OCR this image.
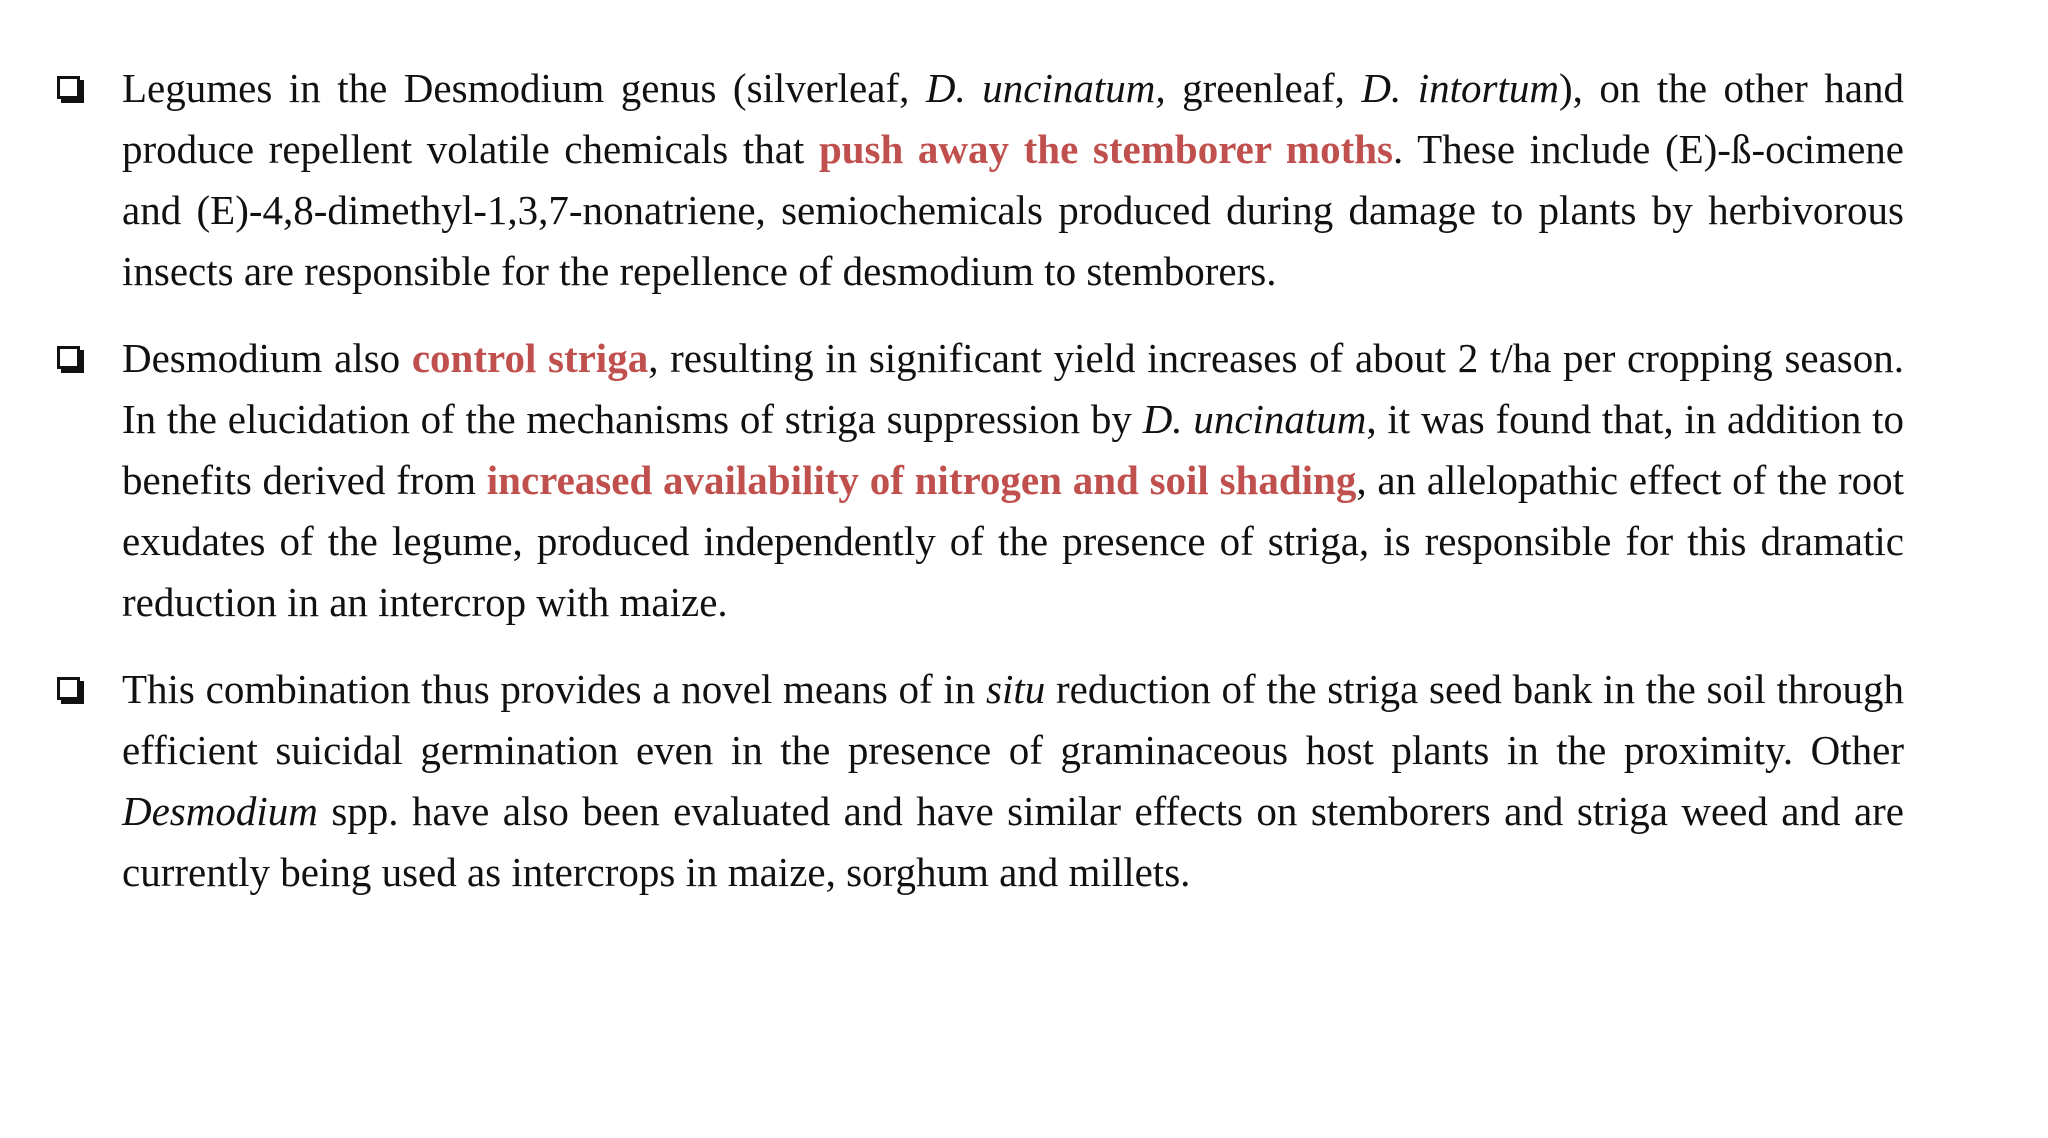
Legumes in the Desmodium genus (silverleaf, D. uncinatum, greenleaf, D. intortum), on the other hand produce repellent volatile chemicals that push away the stemborer moths. These include (E)-ß-ocimene and (E)-4,8-dimethyl-1,3,7-nonatriene, semiochemicals produced during damage to plants by herbivorous insects are responsible for the repellence of desmodium to stemborers.

Desmodium also control striga, resulting in significant yield increases of about 2 t/ha per cropping season. In the elucidation of the mechanisms of striga suppression by D. uncinatum, it was found that, in addition to benefits derived from increased availability of nitrogen and soil shading, an allelopathic effect of the root exudates of the legume, produced independently of the presence of striga, is responsible for this dramatic reduction in an intercrop with maize.

This combination thus provides a novel means of in situ reduction of the striga seed bank in the soil through efficient suicidal germination even in the presence of graminaceous host plants in the proximity. Other Desmodium spp. have also been evaluated and have similar effects on stemborers and striga weed and are currently being used as intercrops in maize, sorghum and millets.
